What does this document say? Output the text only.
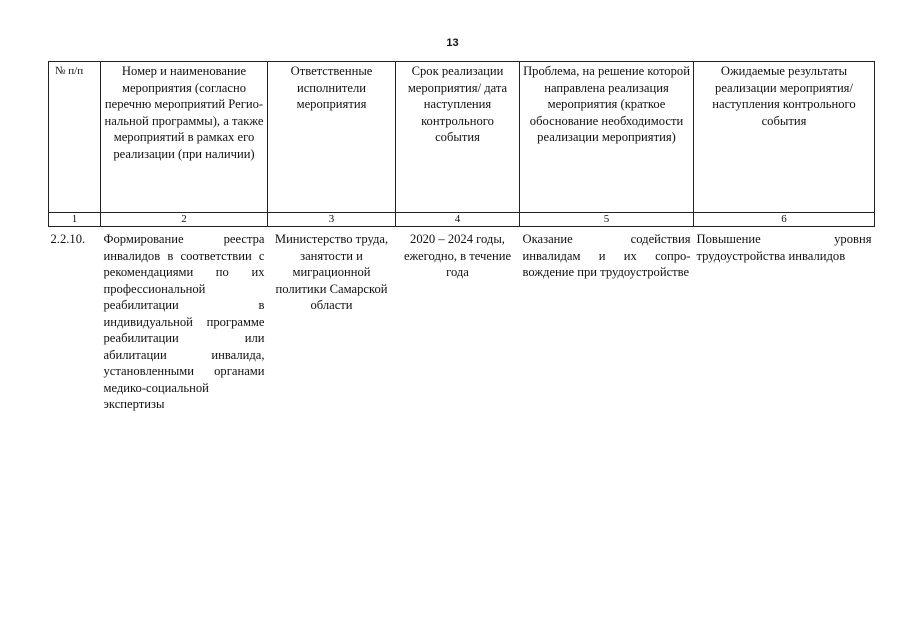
13
№ п/п	Номер и наименование мероприятия (согласно перечню мероприятий Региональной программы), а также мероприятий в рамках его реализации (при наличии)	Ответственные исполнители мероприятия	Срок реализации мероприятия/ дата наступления контрольного события	Проблема, на решение которой направлена реализация мероприятия (краткое обоснование необходимости реализации мероприятия)	Ожидаемые результаты реализации мероприятия/ наступления контрольного события
1	2	3	4	5	6
2.2.10.	Формирование реестра инвалидов в соответствии с рекомендациями по их профессиональной реабилитации в индивидуальной программе реабилитации или абилитации инвалида, установленными органами медико-социальной экспертизы	Министерство труда, занятости и миграционной политики Самарской области	2020 – 2024 годы, ежегодно, в течение года	Оказание содействия инвалидам и их сопровождение при трудоустройстве	Повышение уровня трудоустройства инвалидов
